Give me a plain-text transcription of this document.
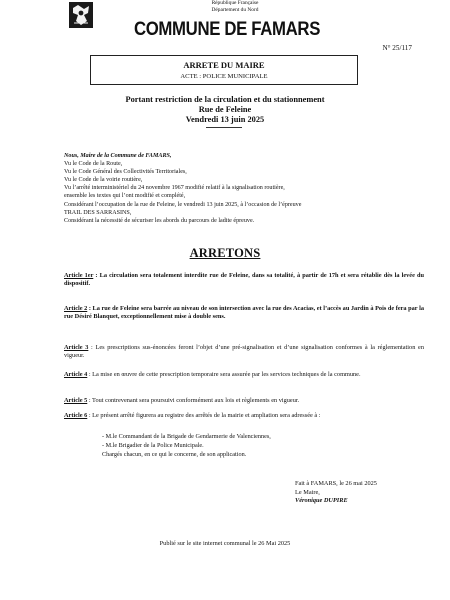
République Française
Département du Nord
COMMUNE DE FAMARS
N° 25/117
ARRETE DU MAIRE
ACTE : POLICE MUNICIPALE
Portant restriction de la circulation et du stationnement
Rue de Feleine
Vendredi 13 juin 2025
Nous, Maire de la Commune de FAMARS,
Vu le Code de la Route,
Vu le Code Général des Collectivités Territoriales,
Vu le Code de la voirie routière,
Vu l’arrêté interministériel du 24 novembre 1967 modifié relatif à la signalisation routière,
ensemble les textes qui l’ont modifié et complété,
Considérant l’occupation de la rue de Feleine, le vendredi 13 juin 2025, à l’occasion de l’épreuve
TRAIL DES SARRASINS,
Considérant la nécessité de sécuriser les abords du parcours de ladite épreuve.
ARRETONS
Article 1er : La circulation sera totalement interdite rue de Feleine, dans sa totalité, à partir de 17h et sera rétablie dès la levée du dispositif.
Article 2 : La rue de Feleine sera barrée au niveau de son intersection avec la rue des Acacias, et l’accès au Jardin à Pois de fera par la rue Désiré Blanquet, exceptionnellement mise à double sens.
Article 3 : Les prescriptions sus-énoncées feront l’objet d’une pré-signalisation et d’une signalisation conformes à la réglementation en vigueur.
Article 4 : La mise en œuvre de cette prescription temporaire sera assurée par les services techniques de la commune.
Article 5 : Tout contrevenant sera poursuivi conformément aux lois et règlements en vigueur.
Article 6 : Le présent arrêté figurera au registre des arrêtés de la mairie et ampliation sera adressée à :
- M.le Commandant de la Brigade de Gendarmerie de Valenciennes,
- M.le Brigadier de la Police Municipale.
Chargés chacun, en ce qui le concerne, de son application.
Fait à FAMARS, le 26 mai 2025
Le Maire,
Véronique DUPIRE
Publié sur le site internet communal le 26 Mai 2025
